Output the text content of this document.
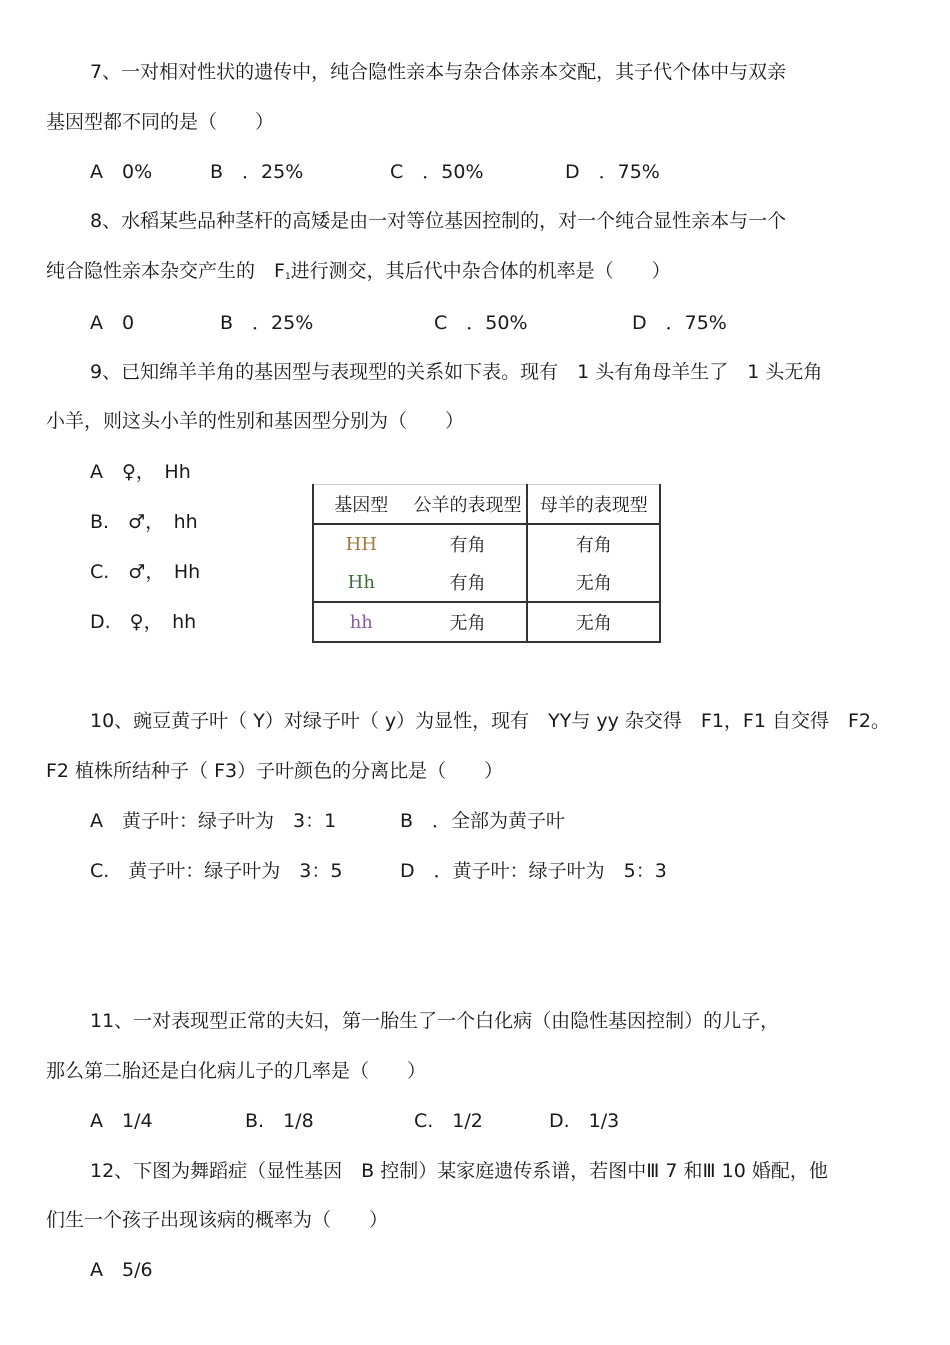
7、一对相对性状的遗传中，纯合隐性亲本与杂合体亲本交配，其子代个体中与双亲
基因型都不同的是（　　）
A　0%	B　．25%	C　．50%	D　．75%
8、水稻某些品种茎杆的高矮是由一对等位基因控制的，对一个纯合显性亲本与一个
纯合隐性亲本杂交产生的　$F_1$进行测交，其后代中杂合体的机率是（　　）
A　0	B　．25%	C　．50%	D　．75%
9、已知绵羊羊角的基因型与表现型的关系如下表。现有　1 头有角母羊生了　1 头无角
小羊，则这头小羊的性别和基因型分别为（　　）
A　♀，　Hh
B.　♂，　hh
C.　♂，　Hh
D.　♀，　hh
基因型	公羊的表现型	母羊的表现型
HH	有角	有角
Hh	有角	无角
hh	无角	无角
10、豌豆黄子叶（ Y）对绿子叶（ y）为显性，现有　YY与 yy 杂交得　F1，F1 自交得　F2。
F2 植株所结种子（ F3）子叶颜色的分离比是（　　）
A　黄子叶：绿子叶为　3：1	B　．全部为黄子叶
C.　黄子叶：绿子叶为　3：5	D　．黄子叶：绿子叶为　5：3
11、一对表现型正常的夫妇，第一胎生了一个白化病（由隐性基因控制）的儿子，
那么第二胎还是白化病儿子的几率是（　　）
A　1/4	B.　1/8	C.　1/2	D.　1/3
12、下图为舞蹈症（显性基因　B 控制）某家庭遗传系谱，若图中Ⅲ 7 和Ⅲ 10 婚配，他
们生一个孩子出现该病的概率为（　　）
A　5/6
